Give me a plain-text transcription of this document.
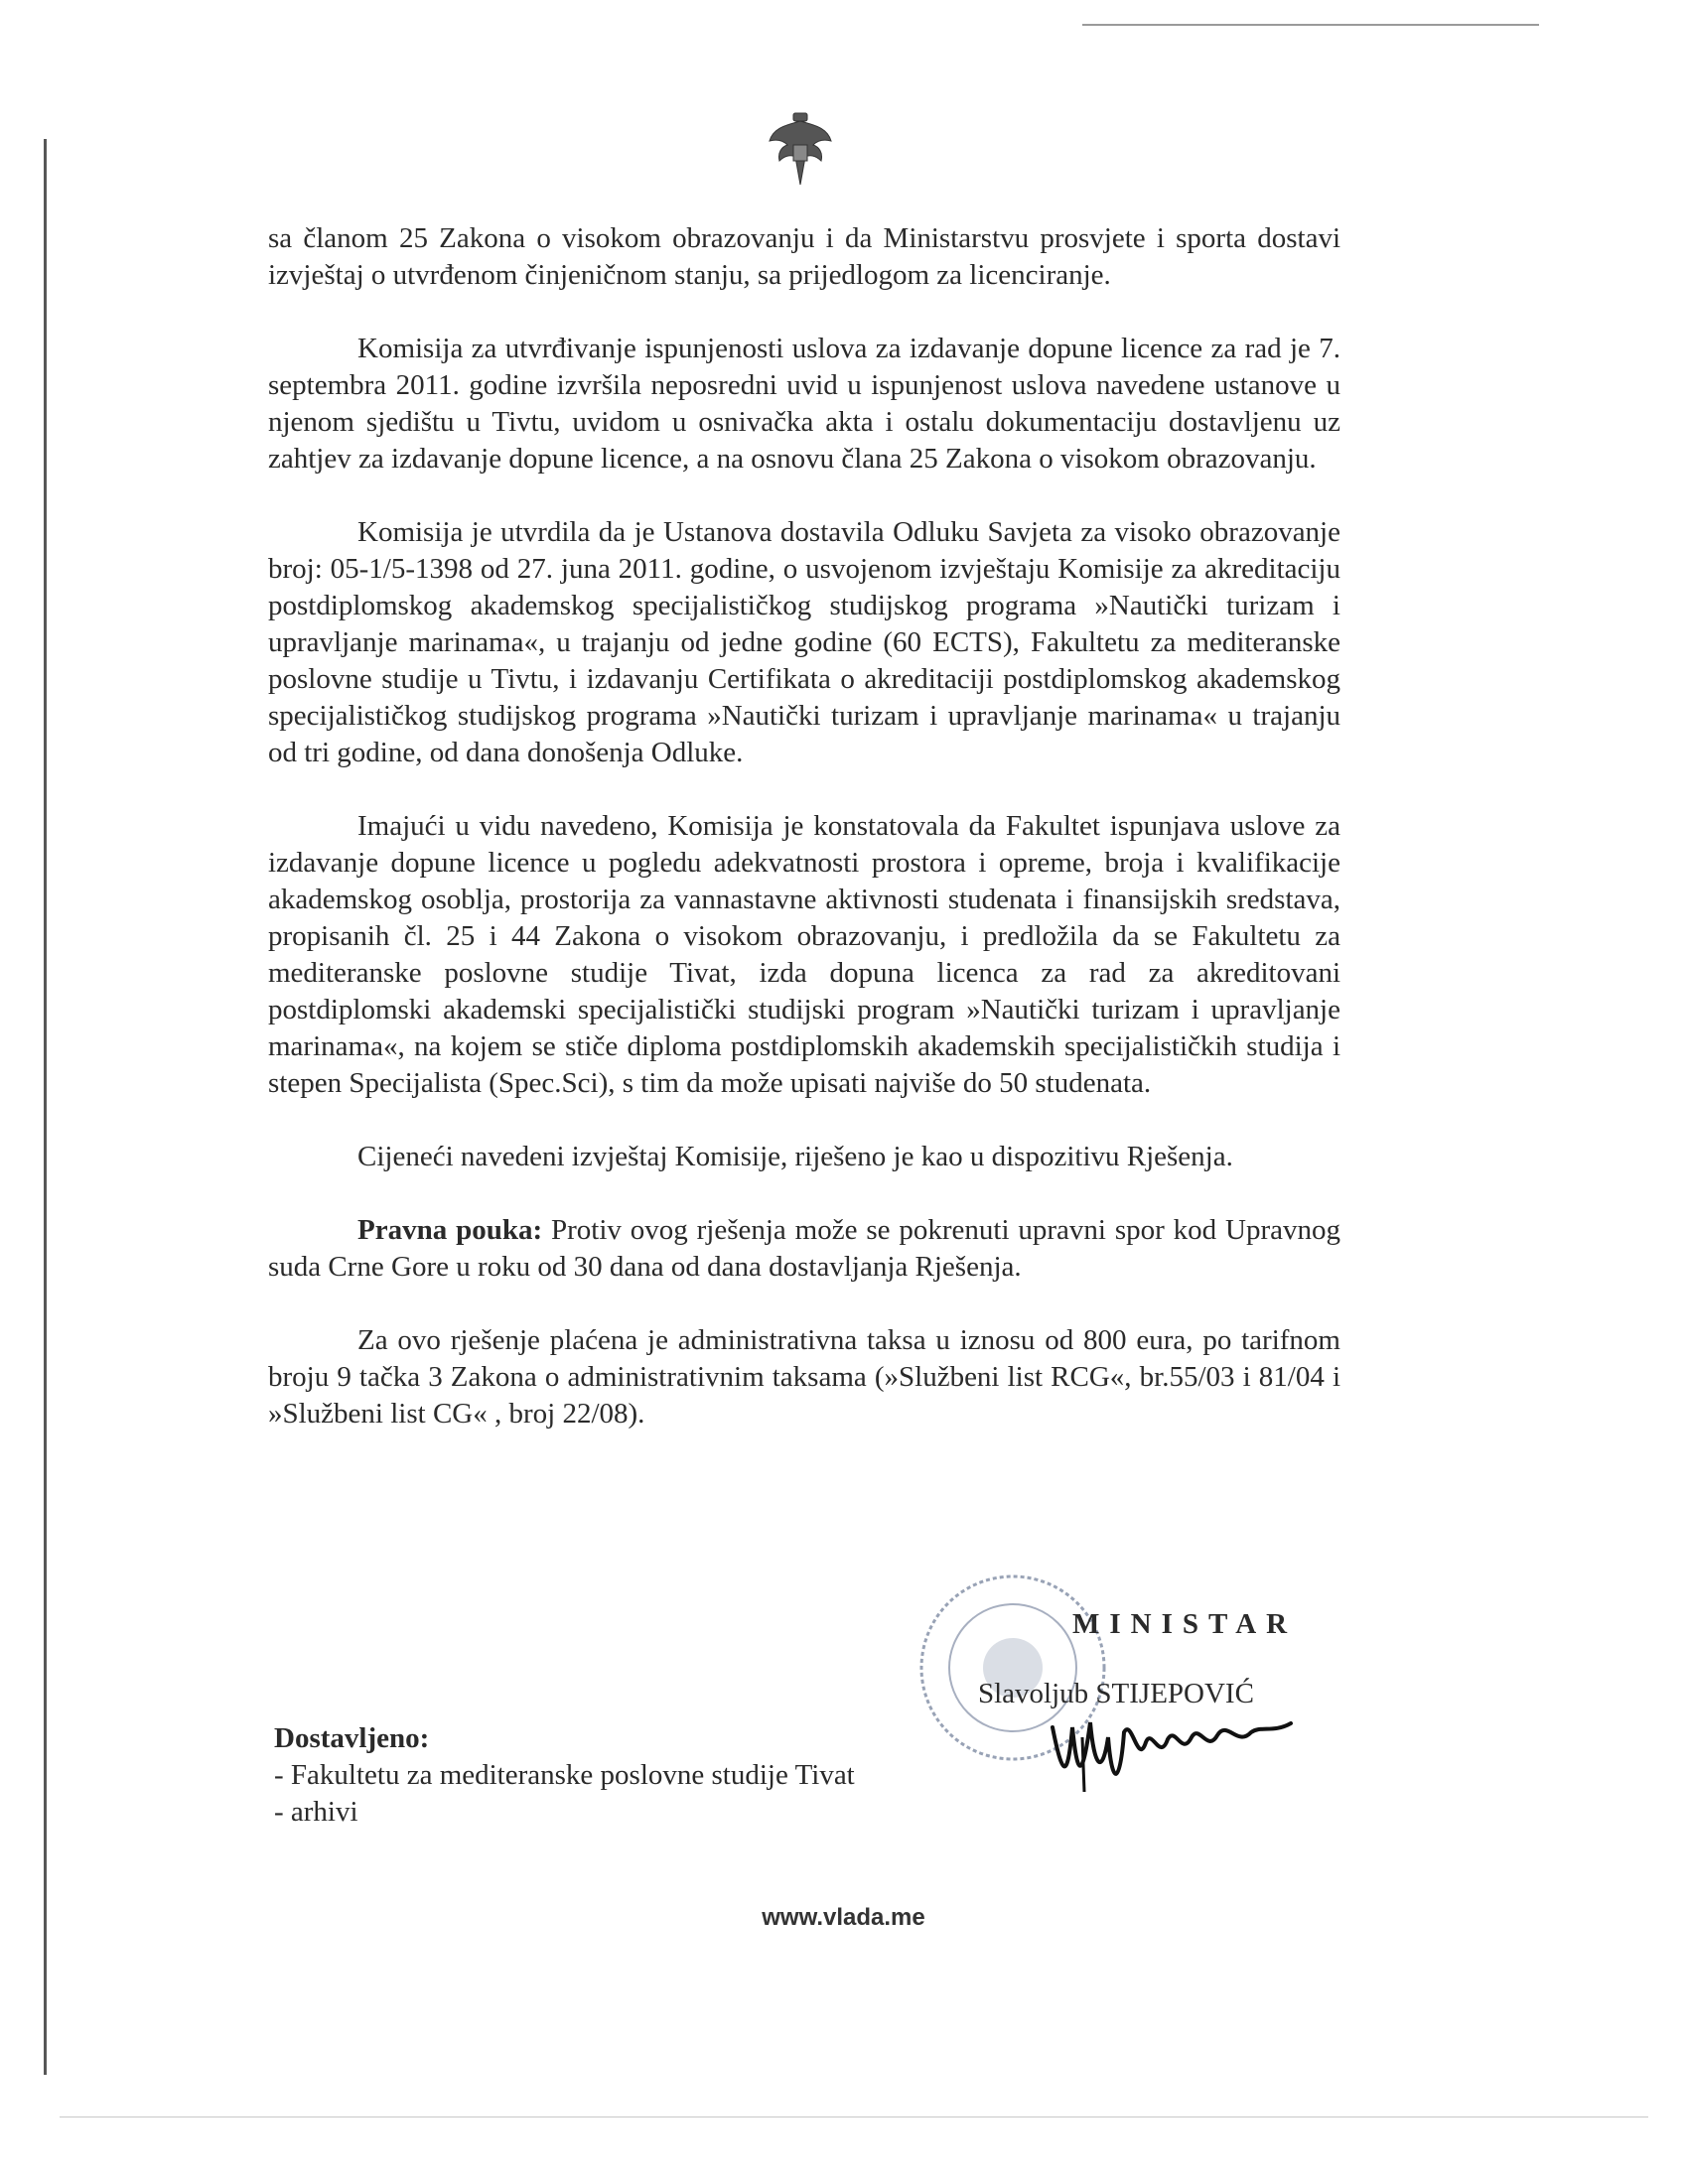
sa članom 25 Zakona o visokom obrazovanju i da Ministarstvu prosvjete i sporta dostavi izvještaj o utvrđenom činjeničnom stanju, sa prijedlogom za licenciranje.

Komisija za utvrđivanje ispunjenosti uslova za izdavanje dopune licence za rad je 7. septembra 2011. godine izvršila neposredni uvid u ispunjenost uslova navedene ustanove u njenom sjedištu u Tivtu, uvidom u osnivačka akta i ostalu dokumentaciju dostavljenu uz zahtjev za izdavanje dopune licence, a na osnovu člana 25 Zakona o visokom obrazovanju.

Komisija je utvrdila da je Ustanova dostavila Odluku Savjeta za visoko obrazovanje broj: 05-1/5-1398 od 27. juna 2011. godine, o usvojenom izvještaju Komisije za akreditaciju postdiplomskog akademskog specijalističkog studijskog programa »Nautički turizam i upravljanje marinama«, u trajanju od jedne godine (60 ECTS), Fakultetu za mediteranske poslovne studije u Tivtu, i izdavanju Certifikata o akreditaciji postdiplomskog akademskog specijalističkog studijskog programa »Nautički turizam i upravljanje marinama« u trajanju od tri godine, od dana donošenja Odluke.

Imajući u vidu navedeno, Komisija je konstatovala da Fakultet ispunjava uslove za izdavanje dopune licence u pogledu adekvatnosti prostora i opreme, broja i kvalifikacije akademskog osoblja, prostorija za vannastavne aktivnosti studenata i finansijskih sredstava, propisanih čl. 25 i 44 Zakona o visokom obrazovanju, i predložila da se Fakultetu za mediteranske poslovne studije Tivat, izda dopuna licenca za rad za akreditovani postdiplomski akademski specijalistički studijski program »Nautički turizam i upravljanje marinama«, na kojem se stiče diploma postdiplomskih akademskih specijalističkih studija i stepen Specijalista (Spec.Sci), s tim da može upisati najviše do 50 studenata.

Cijeneći navedeni izvještaj Komisije, riješeno je kao u dispozitivu Rješenja.

Pravna pouka: Protiv ovog rješenja može se pokrenuti upravni spor kod Upravnog suda Crne Gore u roku od 30 dana od dana dostavljanja Rješenja.

Za ovo rješenje plaćena je administrativna taksa u iznosu od 800 eura, po tarifnom broju 9 tačka 3 Zakona o administrativnim taksama (»Službeni list RCG«, br.55/03 i 81/04 i »Službeni list CG« , broj 22/08).

MINISTAR
Slavoljub STIJEPOVIĆ
Dostavljeno:
- Fakultetu za mediteranske poslovne studije Tivat
- arhivi
www.vlada.me
